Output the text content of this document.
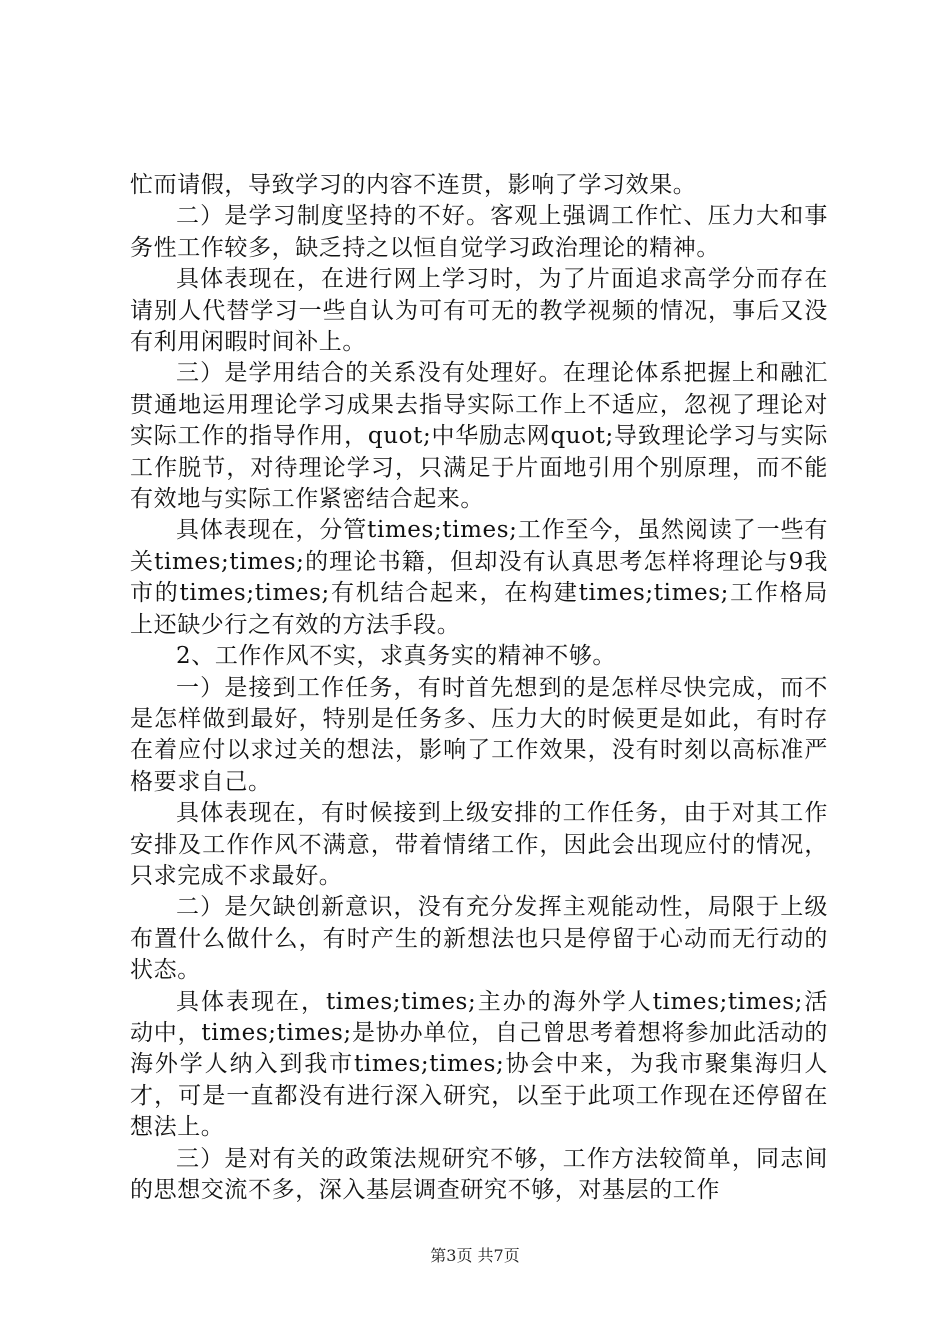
忙而请假，导致学习的内容不连贯，影响了学习效果。

二）是学习制度坚持的不好。客观上强调工作忙、压力大和事务性工作较多，缺乏持之以恒自觉学习政治理论的精神。

具体表现在，在进行网上学习时，为了片面追求高学分而存在请别人代替学习一些自认为可有可无的教学视频的情况，事后又没有利用闲暇时间补上。

三）是学用结合的关系没有处理好。在理论体系把握上和融汇贯通地运用理论学习成果去指导实际工作上不适应，忽视了理论对实际工作的指导作用，quot;中华励志网quot;导致理论学习与实际工作脱节，对待理论学习，只满足于片面地引用个别原理，而不能有效地与实际工作紧密结合起来。

具体表现在，分管times;times;工作至今，虽然阅读了一些有关times;times;的理论书籍，但却没有认真思考怎样将理论与9我市的times;times;有机结合起来，在构建times;times;工作格局上还缺少行之有效的方法手段。

2、工作作风不实，求真务实的精神不够。

一）是接到工作任务，有时首先想到的是怎样尽快完成，而不是怎样做到最好，特别是任务多、压力大的时候更是如此，有时存在着应付以求过关的想法，影响了工作效果，没有时刻以高标准严格要求自己。

具体表现在，有时候接到上级安排的工作任务，由于对其工作安排及工作作风不满意，带着情绪工作，因此会出现应付的情况，只求完成不求最好。

二）是欠缺创新意识，没有充分发挥主观能动性，局限于上级布置什么做什么，有时产生的新想法也只是停留于心动而无行动的状态。

具体表现在，times;times;主办的海外学人times;times;活动中，times;times;是协办单位，自己曾思考着想将参加此活动的海外学人纳入到我市times;times;协会中来，为我市聚集海归人才，可是一直都没有进行深入研究，以至于此项工作现在还停留在想法上。

三）是对有关的政策法规研究不够，工作方法较简单，同志间的思想交流不多，深入基层调查研究不够，对基层的工作

第3页 共7页
